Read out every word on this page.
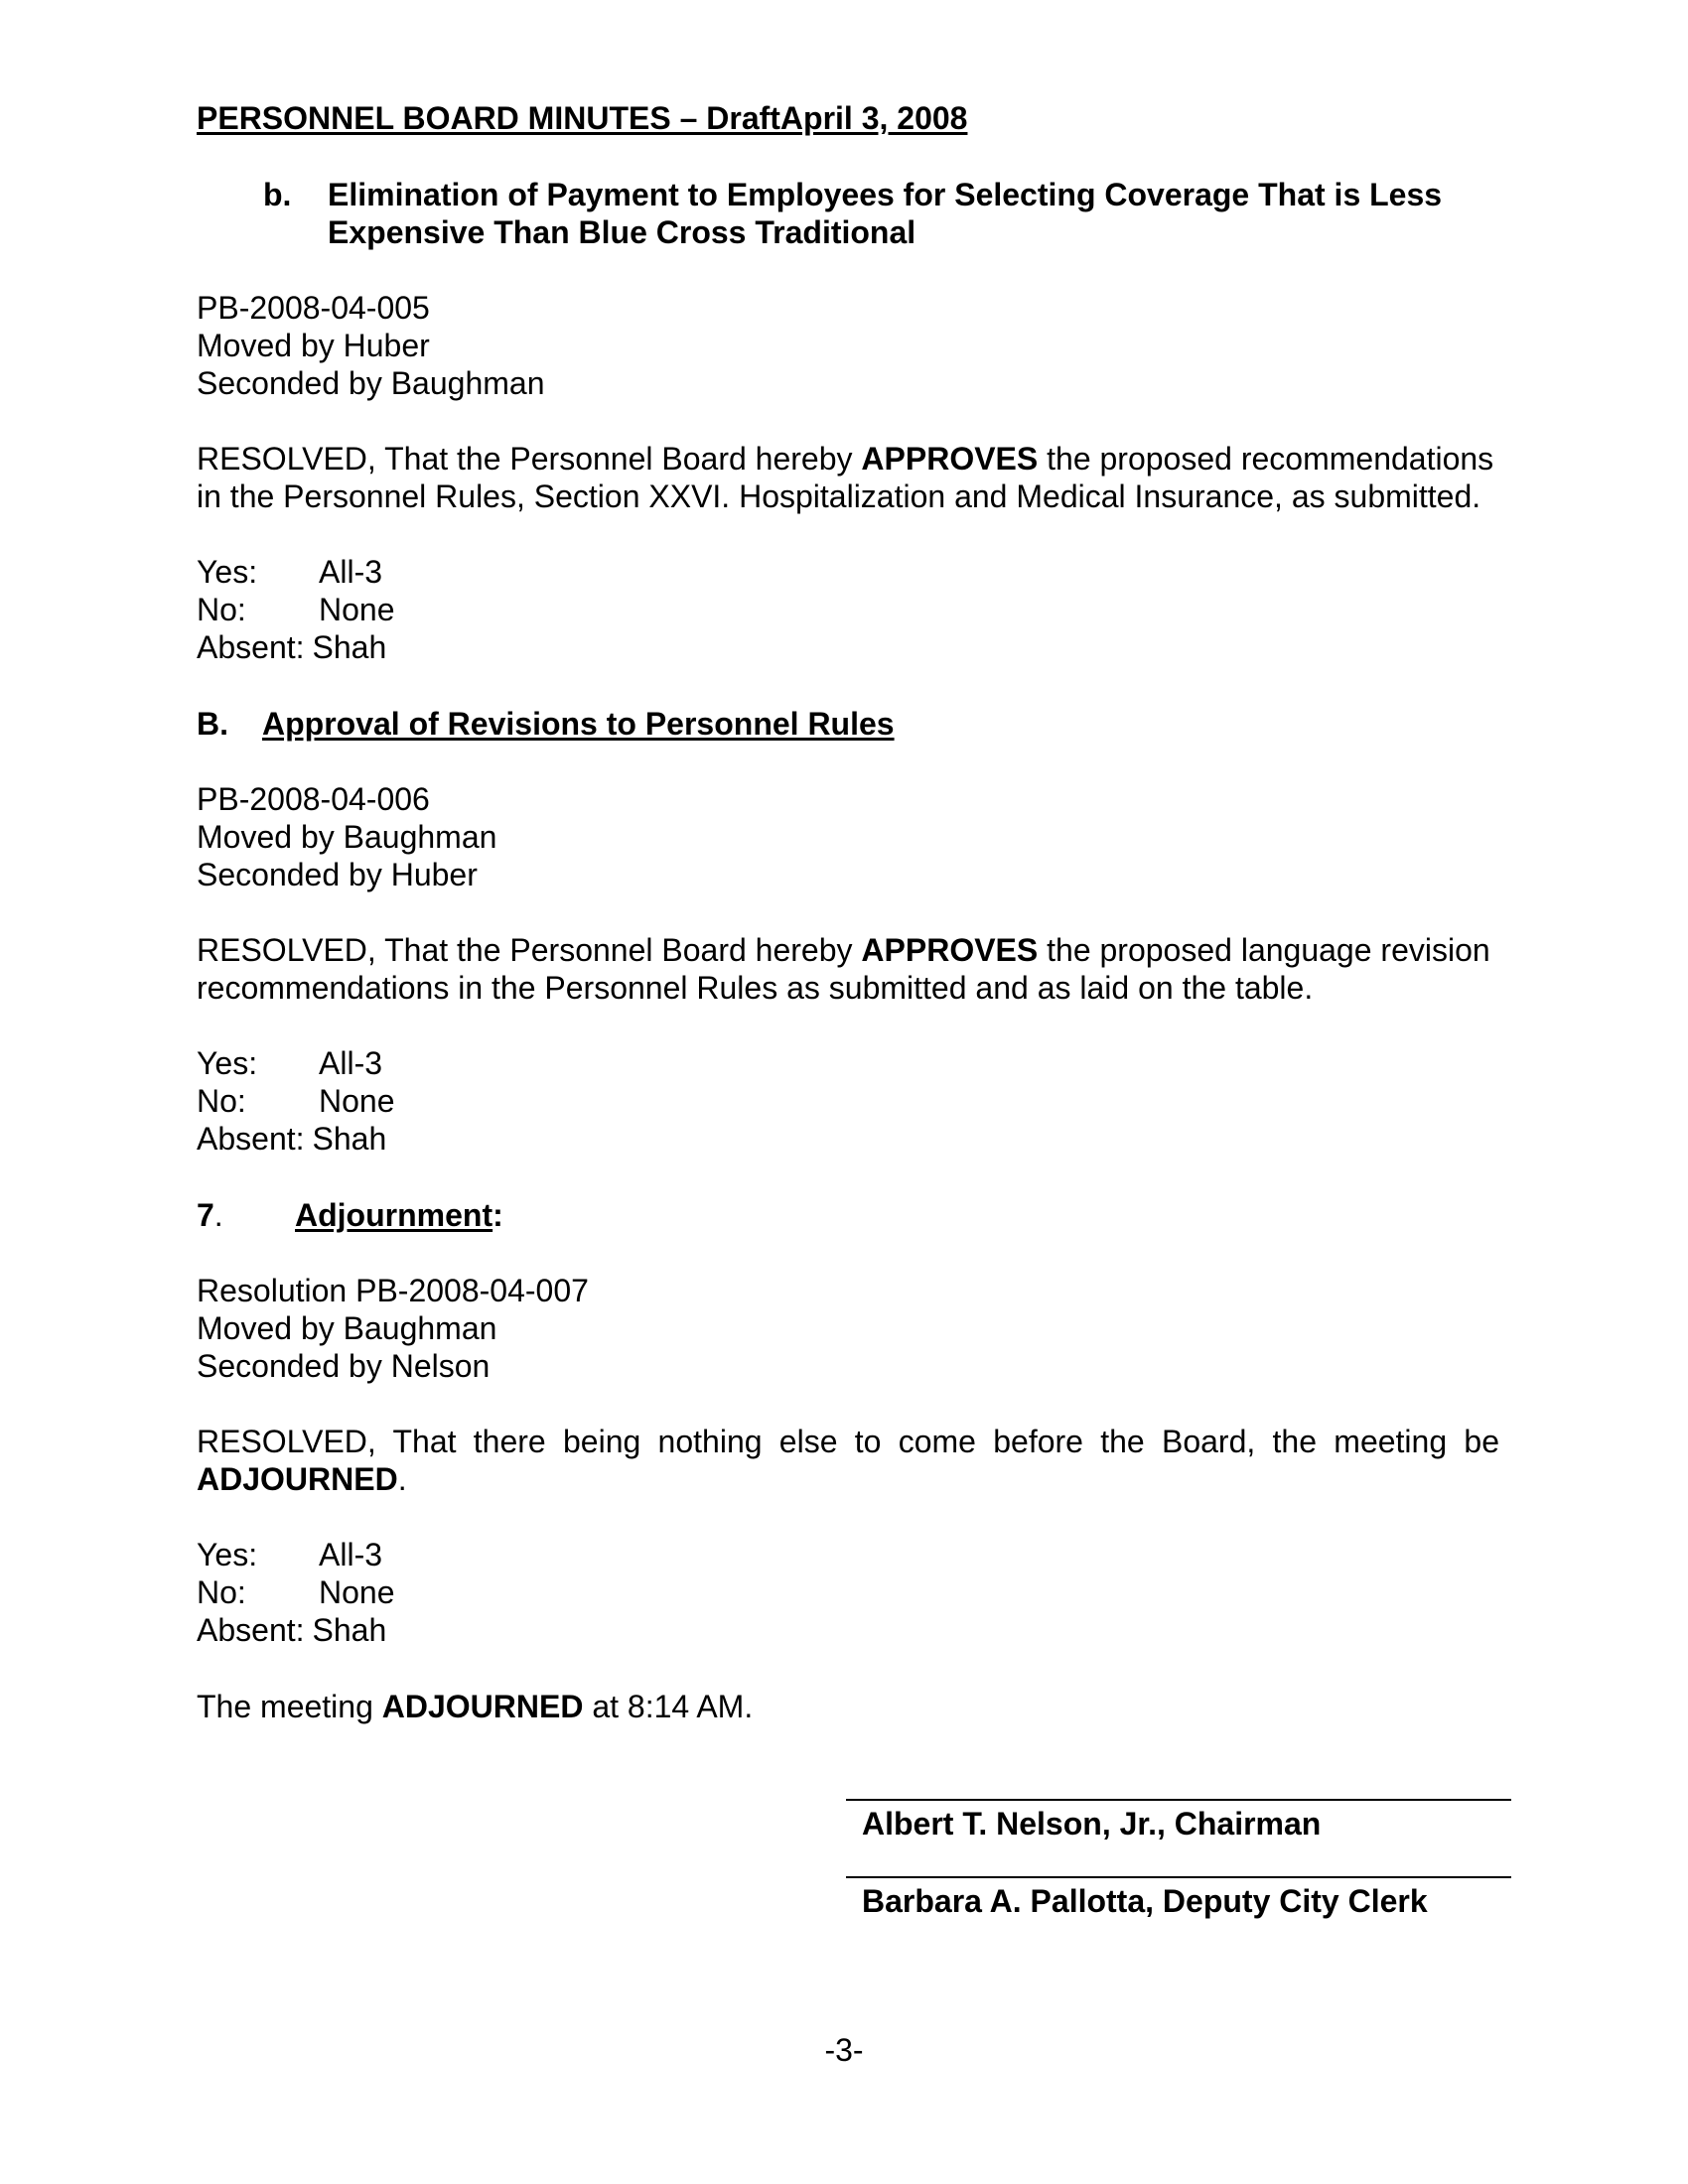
PERSONNEL BOARD MINUTES – DraftApril 3, 2008
b. Elimination of Payment to Employees for Selecting Coverage That is Less
Expensive Than Blue Cross Traditional
PB-2008-04-005
Moved by Huber
Seconded by Baughman
RESOLVED, That the Personnel Board hereby APPROVES the proposed recommendations
in the Personnel Rules, Section XXVI. Hospitalization and Medical Insurance, as submitted.
Yes: All-3
No: None
Absent: Shah
B. Approval of Revisions to Personnel Rules
PB-2008-04-006
Moved by Baughman
Seconded by Huber
RESOLVED, That the Personnel Board hereby APPROVES the proposed language revision
recommendations in the Personnel Rules as submitted and as laid on the table.
Yes: All-3
No: None
Absent: Shah
7. Adjournment:
Resolution PB-2008-04-007
Moved by Baughman
Seconded by Nelson
RESOLVED, That there being nothing else to come before the Board, the meeting be
ADJOURNED.
Yes: All-3
No: None
Absent: Shah
The meeting ADJOURNED at 8:14 AM.
Albert T. Nelson, Jr., Chairman
Barbara A. Pallotta, Deputy City Clerk
-3-
